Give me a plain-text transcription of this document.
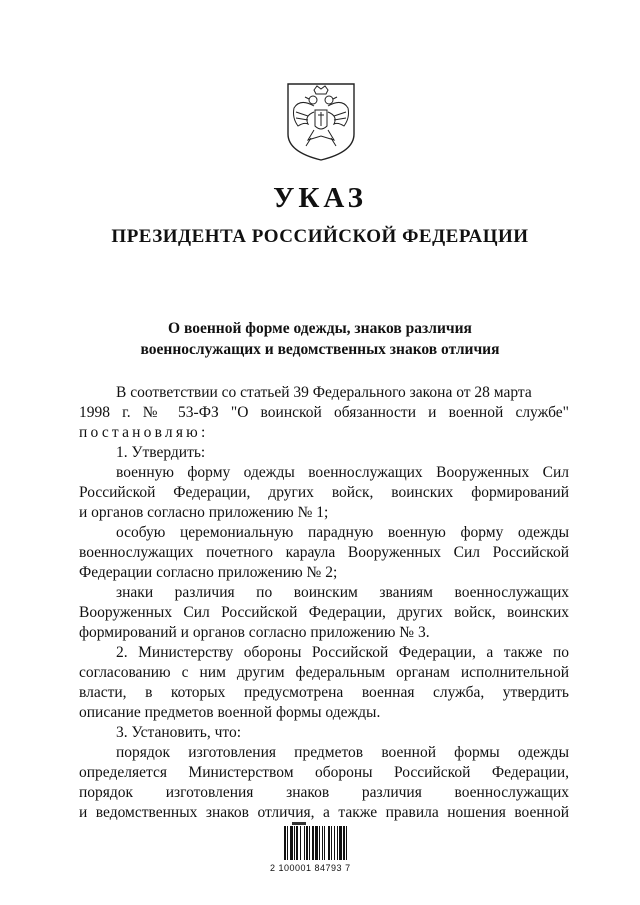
УКАЗ
ПРЕЗИДЕНТА РОССИЙСКОЙ ФЕДЕРАЦИИ
О военной форме одежды, знаков различия
военнослужащих и ведомственных знаков отличия
В соответствии со статьей 39 Федерального закона от 28 марта
1998 г. № 53-ФЗ "О воинской обязанности и военной службе"
постановляю:
1. Утвердить:
военную форму одежды военнослужащих Вооруженных Сил
Российской Федерации, других войск, воинских формирований
и органов согласно приложению № 1;
особую церемониальную парадную военную форму одежды
военнослужащих почетного караула Вооруженных Сил Российской
Федерации согласно приложению № 2;
знаки различия по воинским званиям военнослужащих
Вооруженных Сил Российской Федерации, других войск, воинских
формирований и органов согласно приложению № 3.
2. Министерству обороны Российской Федерации, а также по
согласованию с ним другим федеральным органам исполнительной
власти, в которых предусмотрена военная служба, утвердить
описание предметов военной формы одежды.
3. Установить, что:
порядок изготовления предметов военной формы одежды
определяется Министерством обороны Российской Федерации,
порядок изготовления знаков различия военнослужащих
и ведомственных знаков отличия, а также правила ношения военной
2 100001 84793 7
